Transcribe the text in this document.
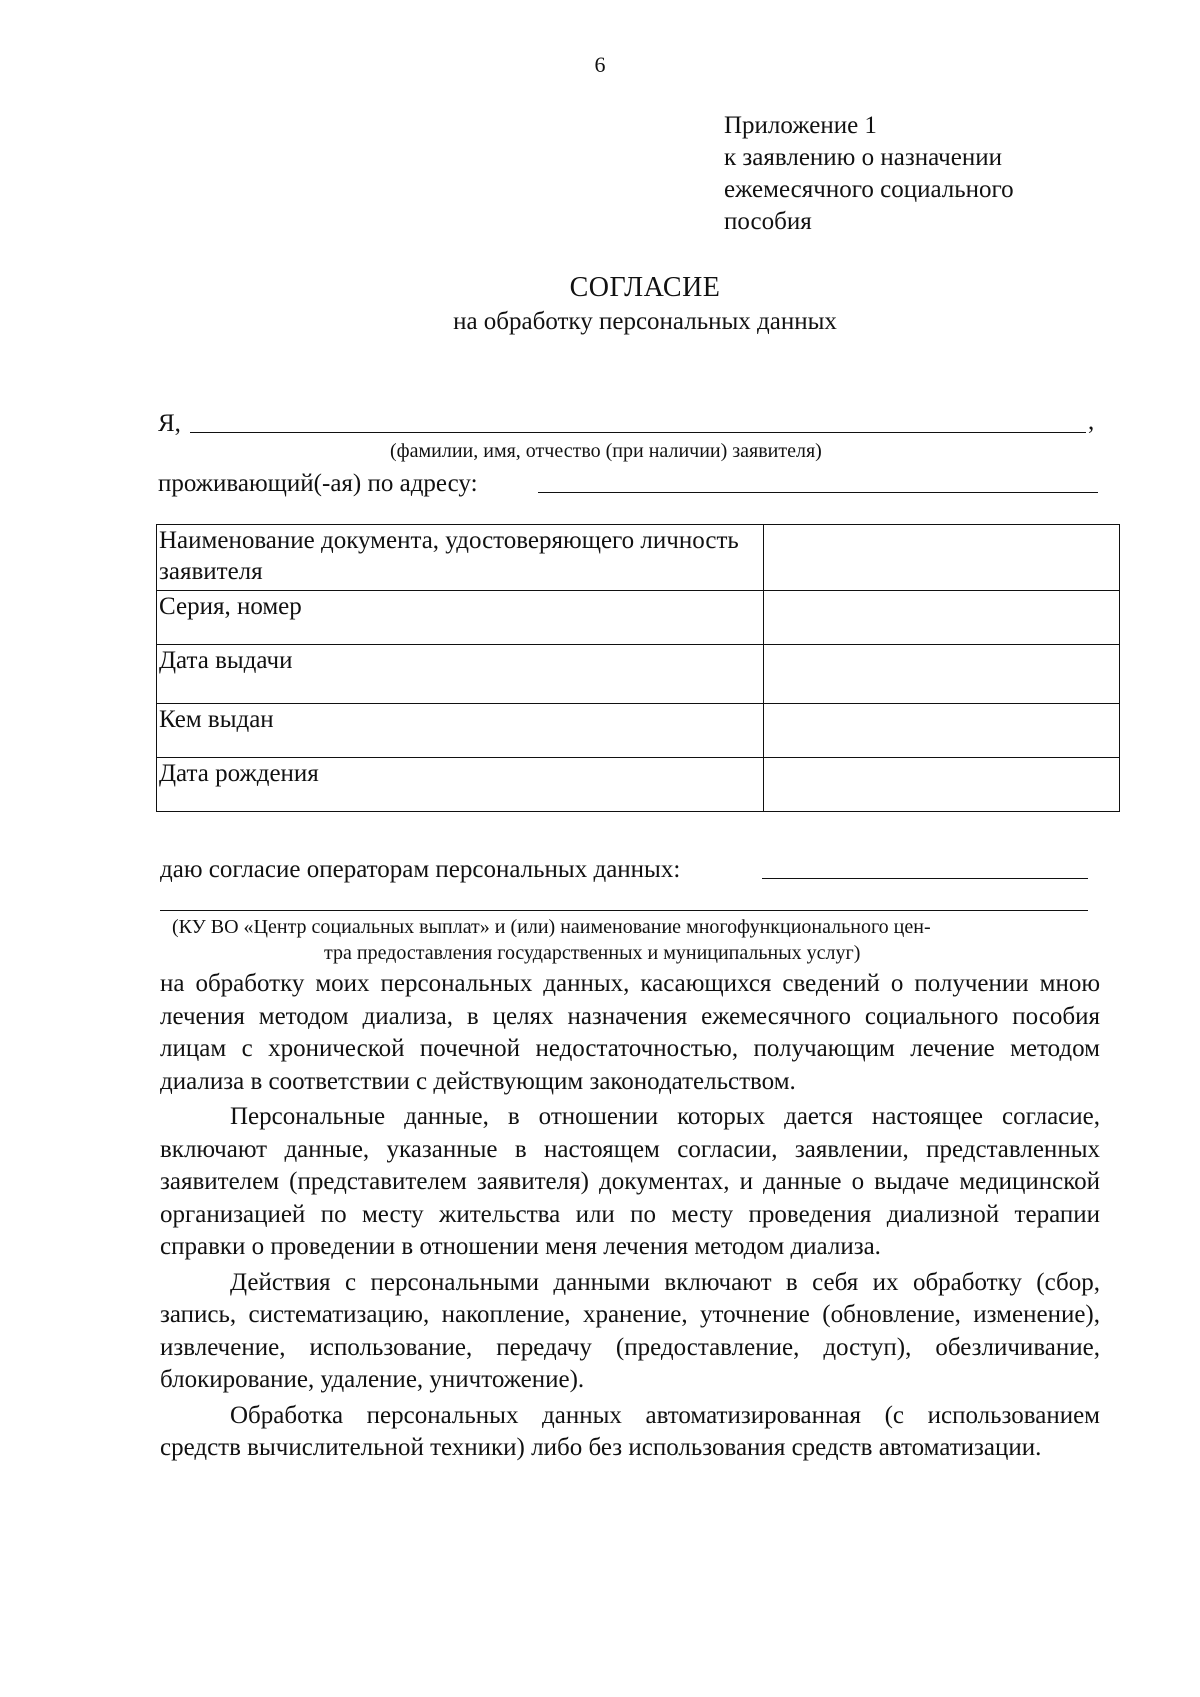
6
Приложение 1
к заявлению о назначении
ежемесячного социального
пособия
СОГЛАСИЕ
на обработку персональных данных
Я,	,
(фамилии, имя, отчество (при наличии) заявителя)
проживающий(-ая) по адресу:
Наименование документа, удостоверяющего личность заявителя	
Серия, номер	
Дата выдачи	
Кем выдан	
Дата рождения	
даю согласие операторам персональных данных:
(КУ ВО «Центр социальных выплат» и (или) наименование многофункционального цен-
тра предоставления государственных и муниципальных услуг)

на обработку моих персональных данных, касающихся сведений о получении мною лечения методом диализа, в целях назначения ежемесячного социального пособия лицам с хронической почечной недостаточностью, получающим лечение методом диализа в соответствии с действующим законодательством.

Персональные данные, в отношении которых дается настоящее согласие, включают данные, указанные в настоящем согласии, заявлении, представленных заявителем (представителем заявителя) документах, и данные о выдаче медицинской организацией по месту жительства или по месту проведения диализной терапии справки о проведении в отношении меня лечения методом диализа.

Действия с персональными данными включают в себя их обработку (сбор, запись, систематизацию, накопление, хранение, уточнение (обновление, изменение), извлечение, использование, передачу (предоставление, доступ), обезличивание, блокирование, удаление, уничтожение).

Обработка персональных данных автоматизированная (с использованием средств вычислительной техники) либо без использования средств автоматизации.
